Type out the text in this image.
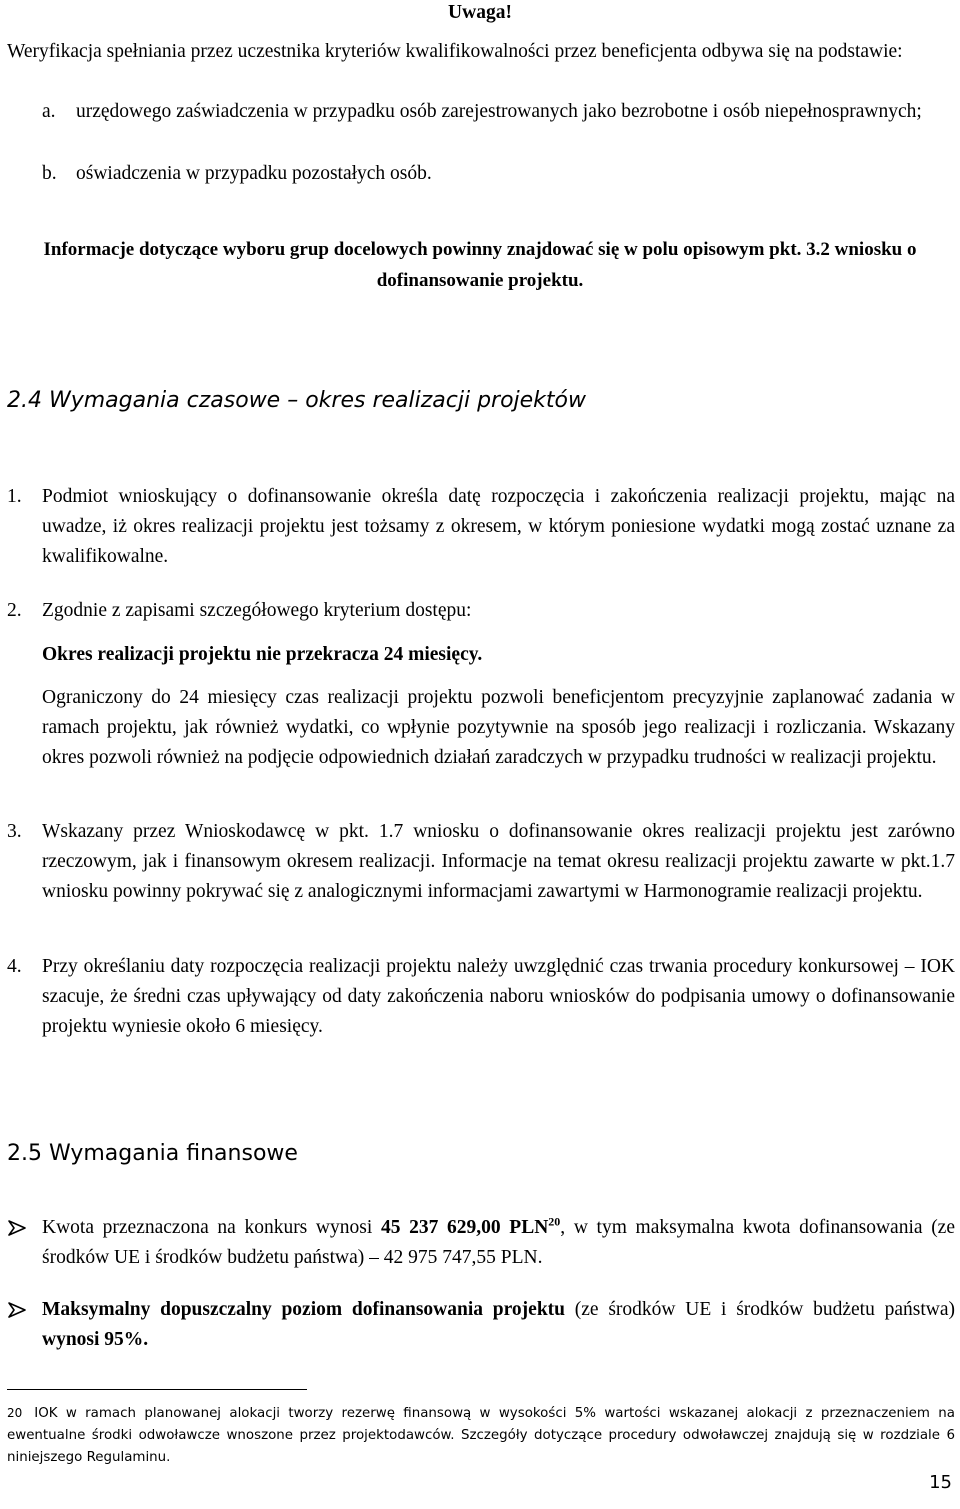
Uwaga!
Weryfikacja spełniania przez uczestnika kryteriów kwalifikowalności przez beneficjenta odbywa się na podstawie:
a. urzędowego zaświadczenia w przypadku osób zarejestrowanych jako bezrobotne i osób niepełnosprawnych;
b. oświadczenia w przypadku pozostałych osób.
Informacje dotyczące wyboru grup docelowych powinny znajdować się w polu opisowym pkt. 3.2 wniosku o dofinansowanie projektu.
2.4 Wymagania czasowe – okres realizacji projektów
1. Podmiot wnioskujący o dofinansowanie określa datę rozpoczęcia i zakończenia realizacji projektu, mając na uwadze, iż okres realizacji projektu jest tożsamy z okresem, w którym poniesione wydatki mogą zostać uznane za kwalifikowalne.
2. Zgodnie z zapisami szczegółowego kryterium dostępu:
Okres realizacji projektu nie przekracza 24 miesięcy.
Ograniczony do 24 miesięcy czas realizacji projektu pozwoli beneficjentom precyzyjnie zaplanować zadania w ramach projektu, jak również wydatki, co wpłynie pozytywnie na sposób jego realizacji i rozliczania. Wskazany okres pozwoli również na podjęcie odpowiednich działań zaradczych w przypadku trudności w realizacji projektu.
3. Wskazany przez Wnioskodawcę w pkt. 1.7 wniosku o dofinansowanie okres realizacji projektu jest zarówno rzeczowym, jak i finansowym okresem realizacji. Informacje na temat okresu realizacji projektu zawarte w pkt.1.7 wniosku powinny pokrywać się z analogicznymi informacjami zawartymi w Harmonogramie realizacji projektu.
4. Przy określaniu daty rozpoczęcia realizacji projektu należy uwzględnić czas trwania procedury konkursowej – IOK szacuje, że średni czas upływający od daty zakończenia naboru wniosków do podpisania umowy o dofinansowanie projektu wyniesie około 6 miesięcy.
2.5 Wymagania finansowe
Kwota przeznaczona na konkurs wynosi 45 237 629,00 PLN$^{20}$, w tym maksymalna kwota dofinansowania (ze środków UE i środków budżetu państwa) – 42 975 747,55 PLN.
Maksymalny dopuszczalny poziom dofinansowania projektu (ze środków UE i środków budżetu państwa) wynosi 95%.
20 IOK w ramach planowanej alokacji tworzy rezerwę finansową w wysokości 5% wartości wskazanej alokacji z przeznaczeniem na ewentualne środki odwoławcze wnoszone przez projektodawców. Szczegóły dotyczące procedury odwoławczej znajdują się w rozdziale 6 niniejszego Regulaminu.
15
